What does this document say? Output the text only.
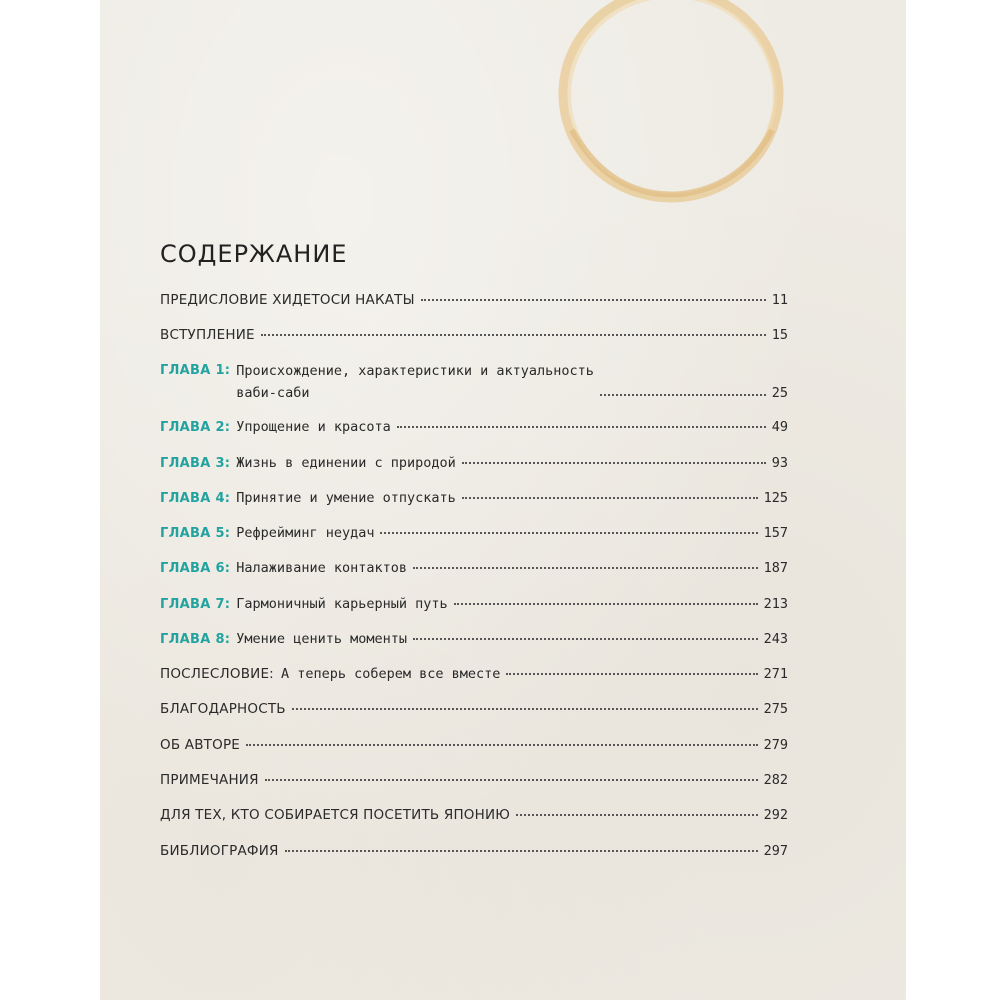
СОДЕРЖАНИЕ
ПРЕДИСЛОВИЕ ХИДЕТОСИ НАКАТЫ	11
ВСТУПЛЕНИЕ	15
ГЛАВА 1: Происхождение, характеристики и актуальность
ваби-саби	25
ГЛАВА 2: Упрощение и красота	49
ГЛАВА 3: Жизнь в единении с природой	93
ГЛАВА 4: Принятие и умение отпускать	125
ГЛАВА 5: Рефрейминг неудач	157
ГЛАВА 6: Налаживание контактов	187
ГЛАВА 7: Гармоничный карьерный путь	213
ГЛАВА 8: Умение ценить моменты	243
ПОСЛЕСЛОВИЕ: А теперь соберем все вместе	271
БЛАГОДАРНОСТЬ	275
ОБ АВТОРЕ	279
ПРИМЕЧАНИЯ	282
ДЛЯ ТЕХ, КТО СОБИРАЕТСЯ ПОСЕТИТЬ ЯПОНИЮ	292
БИБЛИОГРАФИЯ	297
